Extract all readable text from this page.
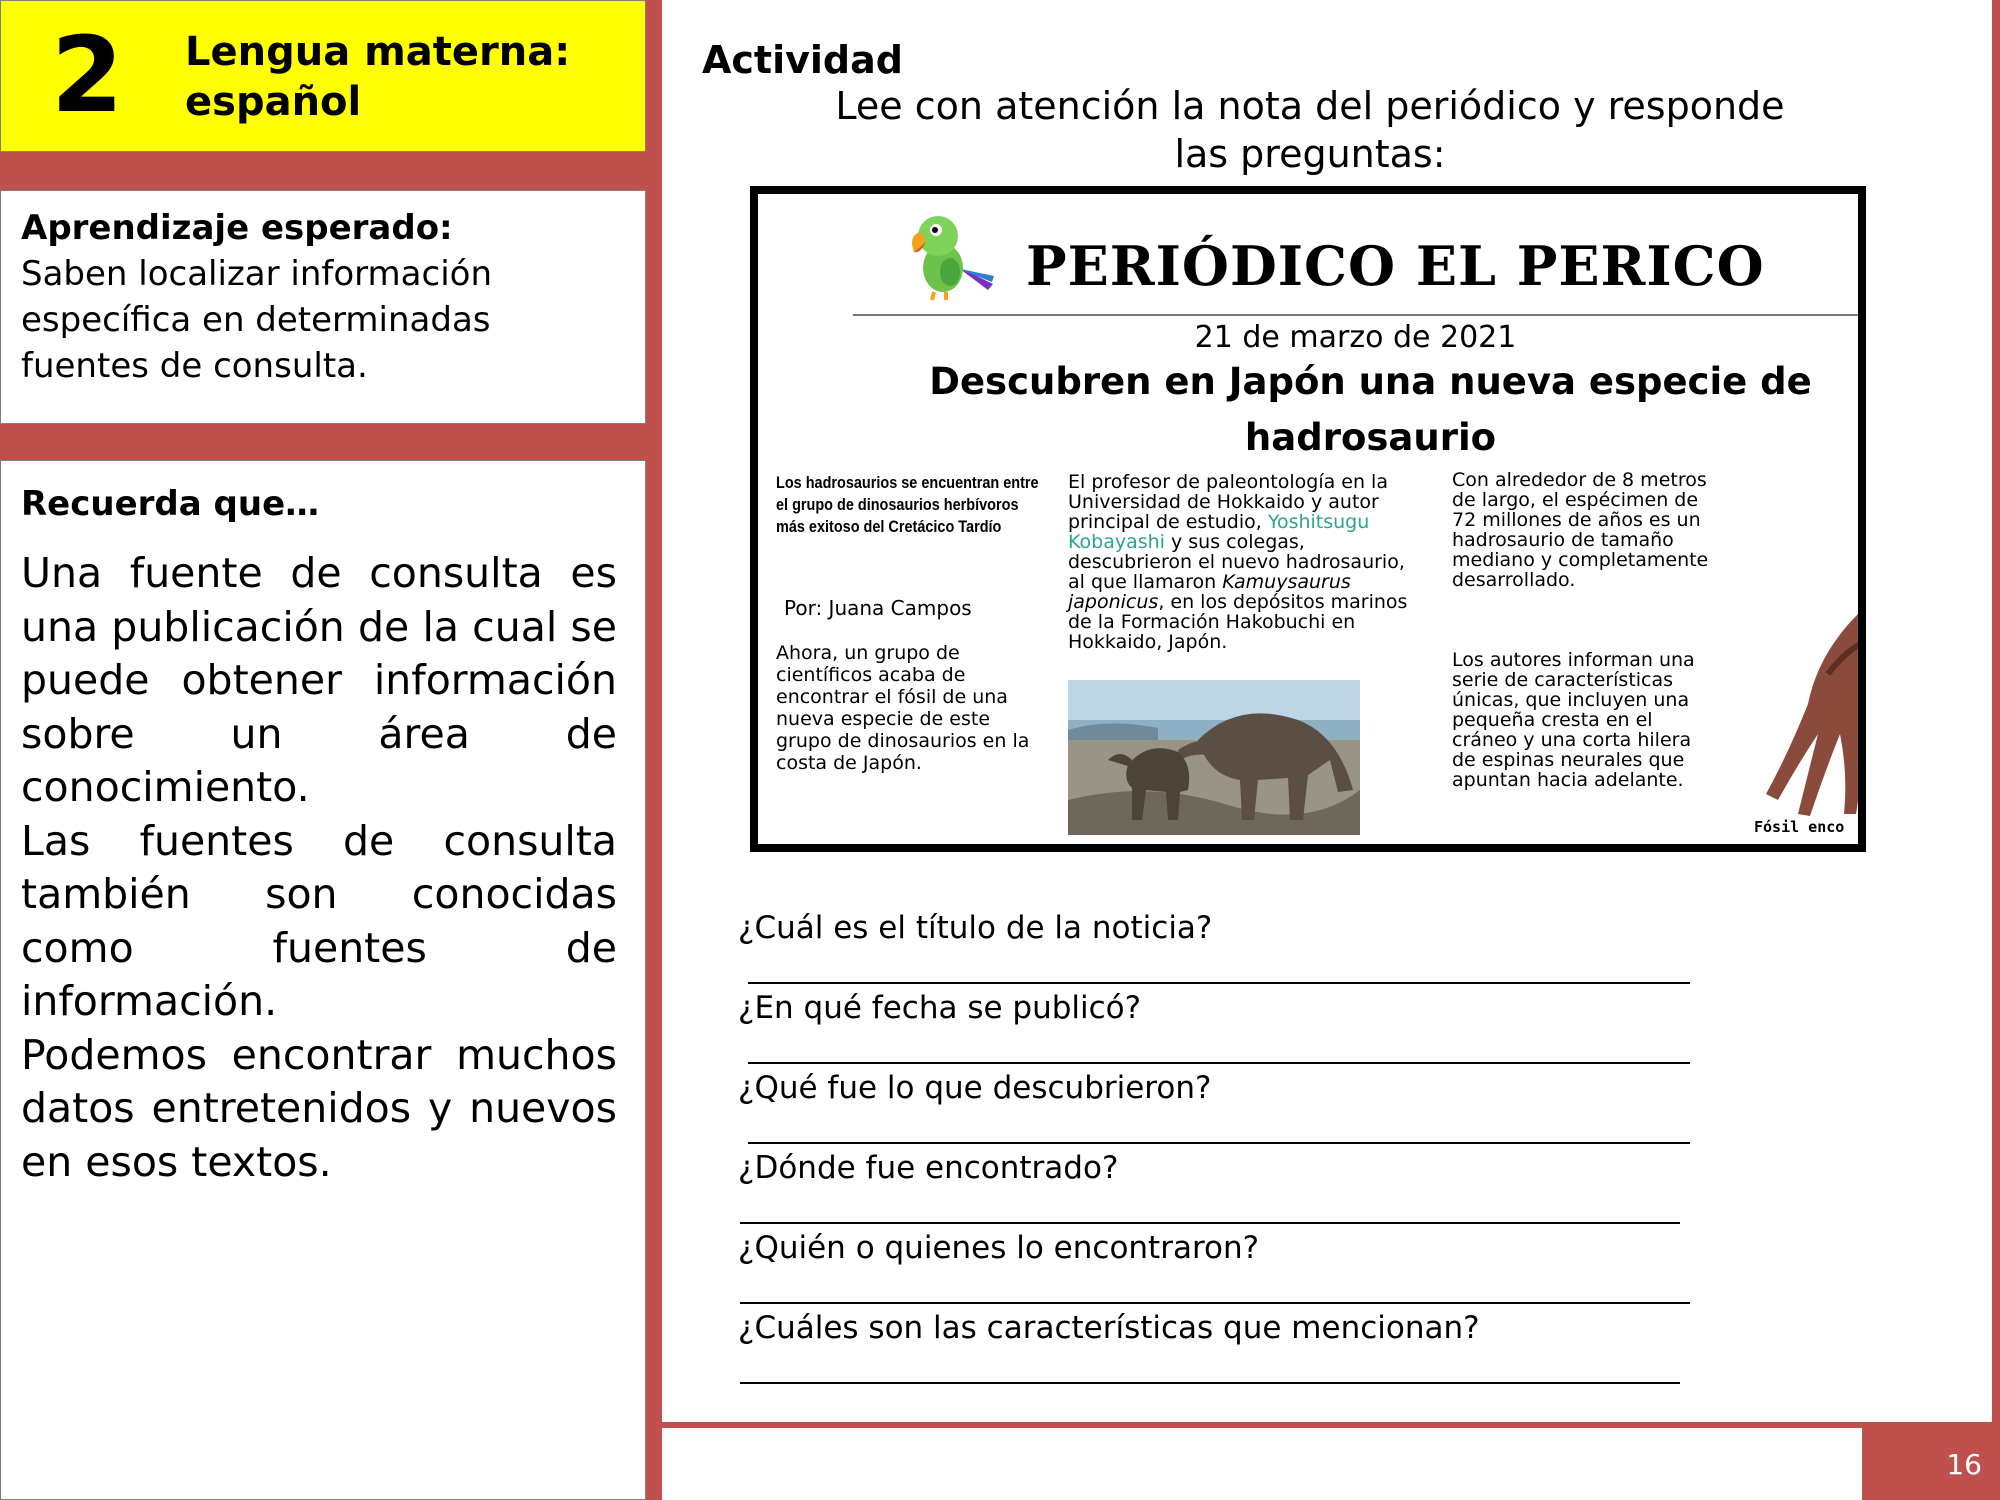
2 Lengua materna:
español
Aprendizaje esperado:
Saben localizar información específica en determinadas fuentes de consulta.
Recuerda que…
Una fuente de consulta es una publicación de la cual se puede obtener información sobre un área de conocimiento.
Las fuentes de consulta también son conocidas como fuentes de información.
Podemos encontrar muchos datos entretenidos y nuevos en esos textos.
16
Actividad
Lee con atención la nota del periódico y responde las preguntas:
PERIÓDICO EL PERICO
21 de marzo de 2021
Descubren en Japón una nueva especie de hadrosaurio
Los hadrosaurios se encuentran entre el grupo de dinosaurios herbívoros más exitoso del Cretácico Tardío
Por: Juana Campos
Ahora, un grupo de científicos acaba de encontrar el fósil de una nueva especie de este grupo de dinosaurios en la costa de Japón.
El profesor de paleontología en la Universidad de Hokkaido y autor principal de estudio, Yoshitsugu Kobayashi y sus colegas, descubrieron el nuevo hadrosaurio, al que llamaron Kamuysaurus japonicus, en los depósitos marinos de la Formación Hakobuchi en Hokkaido, Japón.
Con alrededor de 8 metros de largo, el espécimen de 72 millones de años es un hadrosaurio de tamaño mediano y completamente desarrollado.
Los autores informan una serie de características únicas, que incluyen una pequeña cresta en el cráneo y una corta hilera de espinas neurales que apuntan hacia adelante.
Fósil enco
¿Cuál es el título de la noticia?
¿En qué fecha se publicó?
¿Qué fue lo que descubrieron?
¿Dónde fue encontrado?
¿Quién o quienes lo encontraron?
¿Cuáles son las características que mencionan?
